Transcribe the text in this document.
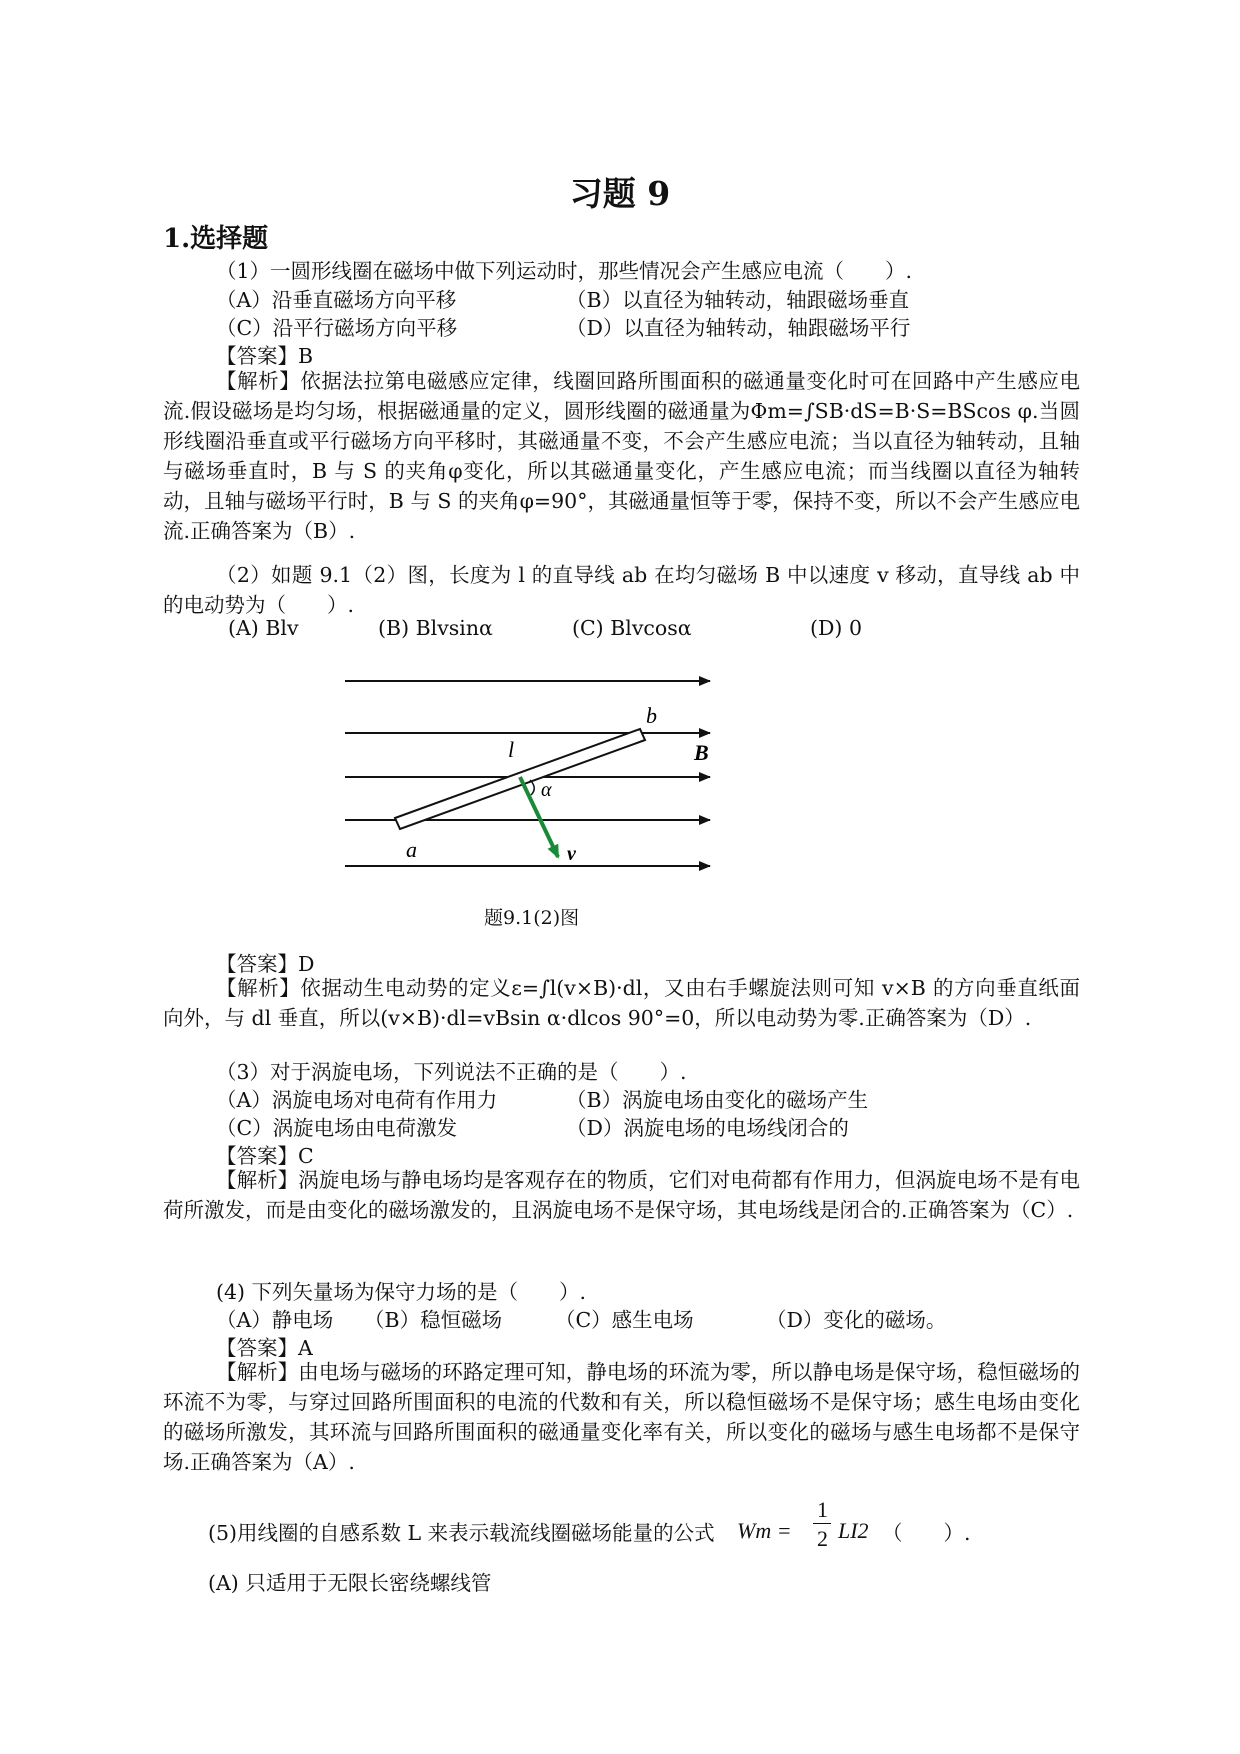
习题 9
1.选择题
（1）一圆形线圈在磁场中做下列运动时，那些情况会产生感应电流（　　）.
（A）沿垂直磁场方向平移	（B）以直径为轴转动，轴跟磁场垂直
（C）沿平行磁场方向平移	（D）以直径为轴转动，轴跟磁场平行
【答案】B

【解析】依据法拉第电磁感应定律，线圈回路所围面积的磁通量变化时可在回路中产生感应电流.假设磁场是均匀场，根据磁通量的定义，圆形线圈的磁通量为Φm=∫SB·dS=B·S=BScos φ.当圆形线圈沿垂直或平行磁场方向平移时，其磁通量不变，不会产生感应电流；当以直径为轴转动，且轴与磁场垂直时，B 与 S 的夹角φ变化，所以其磁通量变化，产生感应电流；而当线圈以直径为轴转动，且轴与磁场平行时，B 与 S 的夹角φ=90°，其磁通量恒等于零，保持不变，所以不会产生感应电流.正确答案为（B）.

（2）如题 9.1（2）图，长度为 l 的直导线 ab 在均匀磁场 B 中以速度 v 移动，直导线 ab 中的电动势为（　　）.

(A) Blv	(B) Blvsinα	(C) Blvcosα	(D) 0
b
B
l
α
a	v
题9.1(2)图
【答案】D

【解析】依据动生电动势的定义ε=∫l(v×B)·dl，又由右手螺旋法则可知 v×B 的方向垂直纸面向外，与 dl 垂直，所以(v×B)·dl=vBsin α·dlcos 90°=0，所以电动势为零.正确答案为（D）.

（3）对于涡旋电场，下列说法不正确的是（　　）.
（A）涡旋电场对电荷有作用力	（B）涡旋电场由变化的磁场产生
（C）涡旋电场由电荷激发	（D）涡旋电场的电场线闭合的
【答案】C

【解析】涡旋电场与静电场均是客观存在的物质，它们对电荷都有作用力，但涡旋电场不是有电荷所激发，而是由变化的磁场激发的，且涡旋电场不是保守场，其电场线是闭合的.正确答案为（C）.

(4) 下列矢量场为保守力场的是（　　）.
（A）静电场 （B）稳恒磁场	（C）感生电场	（D）变化的磁场。
【答案】A

【解析】由电场与磁场的环路定理可知，静电场的环流为零，所以静电场是保守场，稳恒磁场的环流不为零，与穿过回路所围面积的电流的代数和有关，所以稳恒磁场不是保守场；感生电场由变化的磁场所激发，其环流与回路所围面积的磁通量变化率有关，所以变化的磁场与感生电场都不是保守场.正确答案为（A）.

(5)用线圈的自感系数 L 来表示载流线圈磁场能量的公式 Wm =
1
2 LI2 （　　）.
(A) 只适用于无限长密绕螺线管
